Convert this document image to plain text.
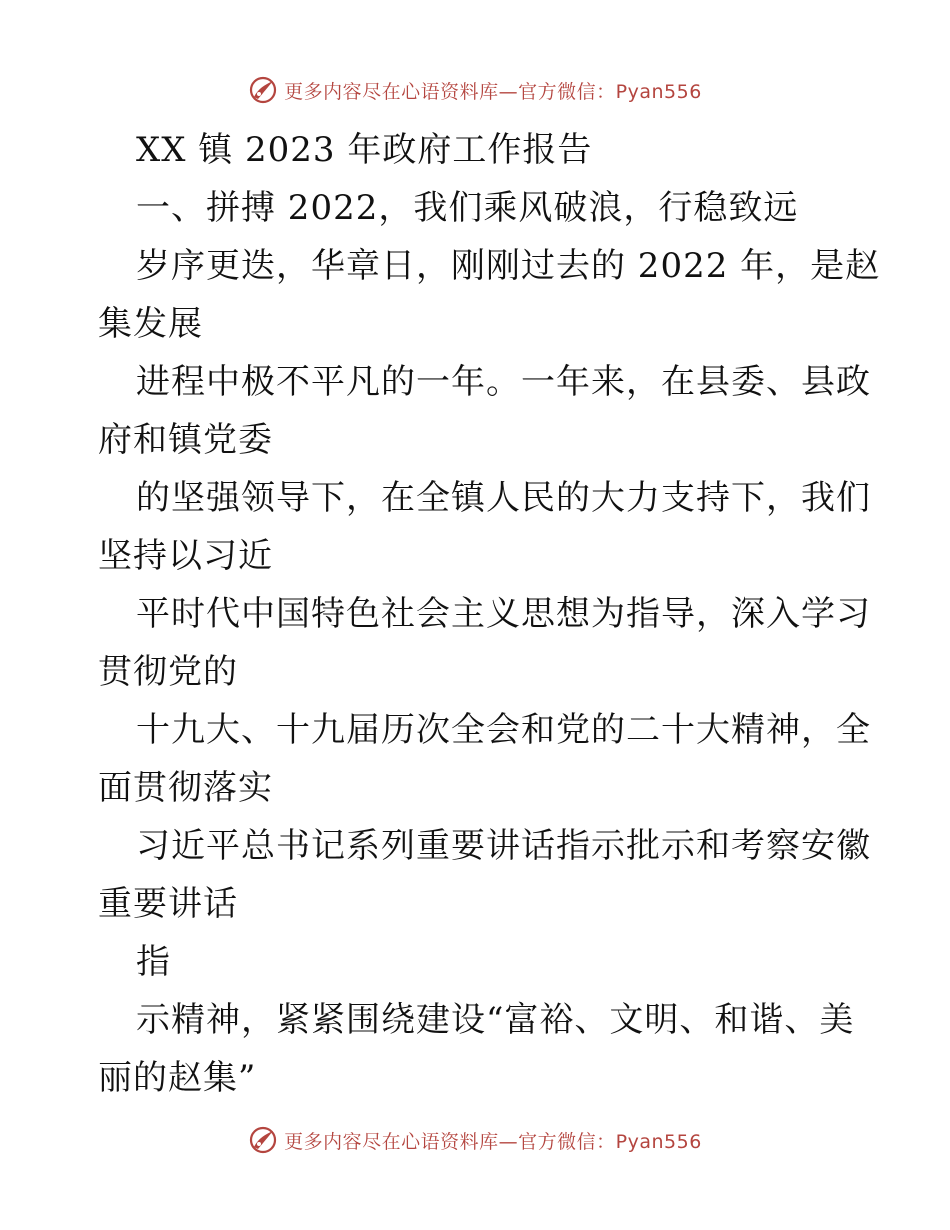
更多内容尽在心语资料库—官方微信：Pyan556
XX 镇 2023 年政府工作报告
一、拼搏 2022，我们乘风破浪，行稳致远
岁序更迭，华章日，刚刚过去的 2022 年，是赵
集发展
进程中极不平凡的一年。一年来，在县委、县政
府和镇党委
的坚强领导下，在全镇人民的大力支持下，我们
坚持以习近
平时代中国特色社会主义思想为指导，深入学习
贯彻党的
十九大、十九届历次全会和党的二十大精神，全
面贯彻落实
习近平总书记系列重要讲话指示批示和考察安徽
重要讲话
指
示精神，紧紧围绕建设“富裕、文明、和谐、美
丽的赵集”
更多内容尽在心语资料库—官方微信：Pyan556
